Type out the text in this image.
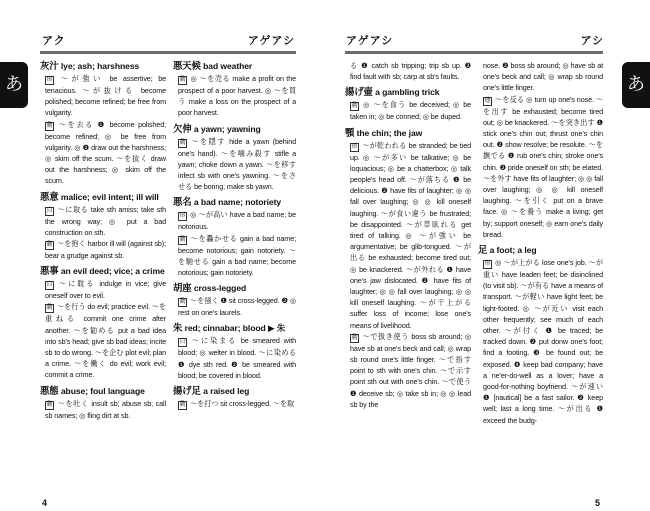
あ
アク	アゲアシ
灰汁 lye; ash; harshness
形 ～が強い be assertive; be tenacious. ～が抜ける become polished; become refined; be free from vulgarity.
動 ～を去る ❶ become polished; become refined; ◎ be free from vulgarity. ◎ ❷ draw out the harshness; ◎ skim off the scum. ～を抜く draw out the harshness; ◎ skim off the scum.
悪意 malice; evil intent; ill will
自 ～に取る take sth amiss; take sth the wrong way; ◎ put a bad construction on sth.
動 ～を抱く harbor ill will (against sb); bear a grudge against sb.
悪事 an evil deed; vice; a crime
自 ～に耽る indulge in vice; give oneself over to evil.
動 ～を行う do evil; practice evil. ～を重ねる commit one crime after another. ～を勧める put a bad idea into sb's head; give sb bad ideas; incite sb to do wrong. ～を企む plot evil; plan a crime. ～を働く do evil; work evil; commit a crime.
悪態 abuse; foul language
動 ～を吐く insult sb; abuse sb; call sb names; ◎ fling dirt at sb.
悪天候 bad weather
動 ◎ ～を売る make a profit on the prospect of a poor harvest. ◎ ～を買う make a loss on the prospect of a poor harvest.
欠伸 a yawn; yawning
動 ～を隠す hide a yawn (behind one's hand). ～を噛み殺す stifle a yawn; choke down a yawn. ～を移す infect sb with one's yawning. ～をさせる be boring; make sb yawn.
悪名 a bad name; notoriety
形 ◎ ～が高い have a bad name; be notorious.
動 ～を轟かせる gain a bad name; become notorious; gain notoriety. ～を馳せる gain a bad name; become notorious; gain notoriety.
胡座 cross-legged
動 ～を掻く ❶ sit cross-legged. ❷ ◎ rest on one's laurels.
朱 red; cinnabar; blood ▶ 朱
自 ～に染まる be smeared with blood; ◎ welter in blood. ～に染める ❶ dye sth red. ❷ be smeared with blood; be covered in blood.
揚げ足 a raised leg
動 ～を打つ sit cross-legged. ～を取
4
あ
アゲアシ	アシ
る ❶ catch sb tripping; trip sb up. ❷ find fault with sb; carp at sb's faults.
揚げ壷 a gambling trick
動 ◎ ～を食う be deceived; ◎ be taken in; ◎ be conned; ◎ be duped.
顎 the chin; the jaw
形 ～が乾われる be stranded; be tied up. ◎ ～が多い be talkative; ◎ be loquacious; ◎ be a chatterbox; ◎ talk people's head off. ～が落ちる ❶ be delicious. ❷ have fits of laughter; ◎ ◎ fall over laughing; ◎ ◎ kill oneself laughing. ～が食い違う be frustrated; be disappointed. ～が草臥れる get tired of talking. ◎ ～が強い be argumentative; be glib-tongued. ～が出る be exhausted; become tired out; ◎ be knackered. ～が外れる ❶ have one's jaw dislocated. ❷ have fits of laughter; ◎ ◎ fall over laughing; ◎ ◎ kill oneself laughing. ～が干上がる suffer loss of income; lose one's means of livelihood.
動 ～で扱き使う boss sb around; ◎ have sb at one's beck and call; ◎ wrap sb round one's little finger. ～で指す point to sth with one's chin. ～で示す point sth out with one's chin. ～で使う ❶ deceive sb; ◎ take sb in; ◎ ◎ lead sb by the
nose. ❷ boss sb around; ◎ have sb at one's beck and call; ◎ wrap sb round one's little finger.
他 ～を反る ◎ turn up one's nose. ～を出す be exhausted; become tired out; ◎ be knackered. ～を突き出す ❶ stick one's chin out; thrust one's chin out. ❷ show resolve; be resolute. ～を撫でる ❶ rub one's chin; stroke one's chin. ❷ pride oneself on sth; be elated. ～を外す have fits of laughter; ◎ ◎ fall over laughing; ◎ ◎ kill oneself laughing. ～を引く put on a brave face. ◎ ～を養う make a living; get by; support oneself; ◎ earn one's daily bread.
足 a foot; a leg
形 ◎ ～が上がる lose one's job. ～が重い have leaden feet; be disinclined (to visit sb). ～が有る have a means of transport. ～が軽い have light feet; be light-footed. ◎ ～が近い visit each other frequently; see much of each other. ～が付く ❶ be traced; be tracked down. ❷ put donw one's foot; find a footing. ❸ be found out; be exposed. ❹ keep bad company; have a ne'er-do-well as a lover; have a good-for-nothing boyfriend. ～が速い ❶ [nautical] be a fast sailor. ❷ keep well; last a long time. ～が出る ❶ exceed the budg-
5
